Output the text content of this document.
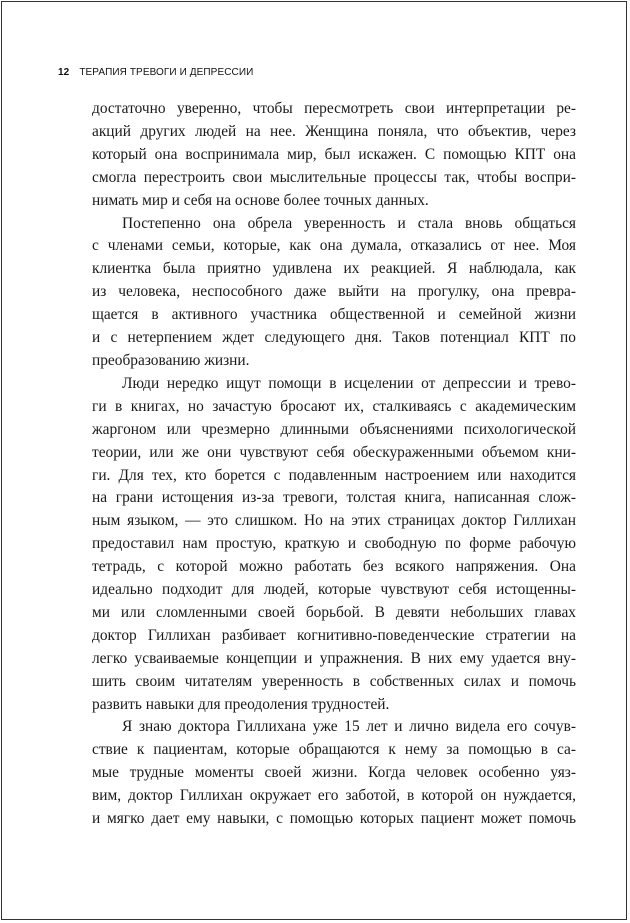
12 ТЕРАПИЯ ТРЕВОГИ И ДЕПРЕССИИ
достаточно уверенно, чтобы пересмотреть свои интерпретации ре-
акций других людей на нее. Женщина поняла, что объектив, через
который она воспринимала мир, был искажен. С помощью КПТ она
смогла перестроить свои мыслительные процессы так, чтобы воспри-
нимать мир и себя на основе более точных данных.
Постепенно она обрела уверенность и стала вновь общаться
с членами семьи, которые, как она думала, отказались от нее. Моя
клиентка была приятно удивлена их реакцией. Я наблюдала, как
из человека, неспособного даже выйти на прогулку, она превра-
щается в активного участника общественной и семейной жизни
и с нетерпением ждет следующего дня. Таков потенциал КПТ по
преобразованию жизни.
Люди нередко ищут помощи в исцелении от депрессии и трево-
ги в книгах, но зачастую бросают их, сталкиваясь с академическим
жаргоном или чрезмерно длинными объяснениями психологической
теории, или же они чувствуют себя обескураженными объемом кни-
ги. Для тех, кто борется с подавленным настроением или находится
на грани истощения из-за тревоги, толстая книга, написанная слож-
ным языком, — это слишком. Но на этих страницах доктор Гиллихан
предоставил нам простую, краткую и свободную по форме рабочую
тетрадь, с которой можно работать без всякого напряжения. Она
идеально подходит для людей, которые чувствуют себя истощенны-
ми или сломленными своей борьбой. В девяти небольших главах
доктор Гиллихан разбивает когнитивно-поведенческие стратегии на
легко усваиваемые концепции и упражнения. В них ему удается вну-
шить своим читателям уверенность в собственных силах и помочь
развить навыки для преодоления трудностей.
Я знаю доктора Гиллихана уже 15 лет и лично видела его сочув-
ствие к пациентам, которые обращаются к нему за помощью в са-
мые трудные моменты своей жизни. Когда человек особенно уяз-
вим, доктор Гиллихан окружает его заботой, в которой он нуждается,
и мягко дает ему навыки, с помощью которых пациент может помочь
